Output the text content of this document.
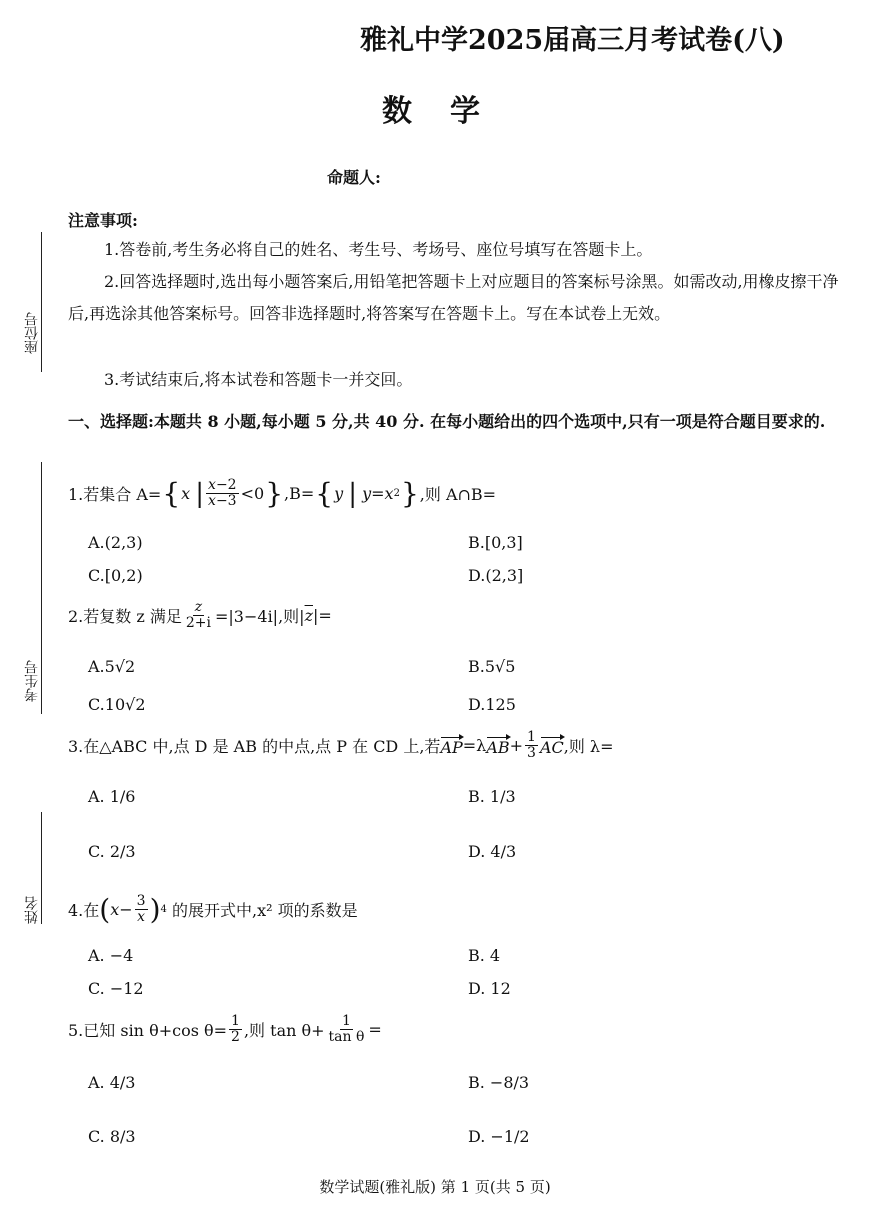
雅礼中学2025届高三月考试卷(八)
数学
命题人:
注意事项:
1.答卷前,考生务必将自己的姓名、考生号、考场号、座位号填写在答题卡上。
2.回答选择题时,选出每小题答案后,用铅笔把答题卡上对应题目的答案标号涂黑。如需改动,用橡皮擦干净后,再选涂其他答案标号。回答非选择题时,将答案写在答题卡上。写在本试卷上无效。
3.考试结束后,将本试卷和答题卡一并交回。
一、选择题:本题共 8 小题,每小题 5 分,共 40 分. 在每小题给出的四个选项中,只有一项是符合题目要求的.
座位号
考生号
姓名
1.若集合 A= { x
| $\frac{x-2}{x-3} <0$ } ,B= { y
|
y = x 2 } ,则 A∩B=
A.(2,3)	B.[0,3]
C.[0,2)	D.(2,3]
2.若复数 z 满足 $\frac{z}{2+i} =|3-4i|$,则| $\overline{z}$ |=
A.5√2	B.5√5
C.10√2	D.125
3.在△ABC 中,点 D 是 AB 的中点,点 P 在 CD 上,若 AP =λ AB + $\frac{1}{3}$ AC ,则 λ=
A. 1/6	B. 1/3
C. 2/3	D. 4/3
4.在 ( $x - \frac{3}{x}$ ) 4
的展开式中,x² 项的系数是
A. −4	B. 4
C. −12	D. 12
5.已知 sin θ+cos $\theta= \frac{1}{2}$ ,则 $\tan \theta+ \frac{1}{\text{tan θ}}$ =
A. 4/3	B. −8/3
C. 8/3	D. −1/2
数学试题(雅礼版) 第 1 页(共 5 页)
